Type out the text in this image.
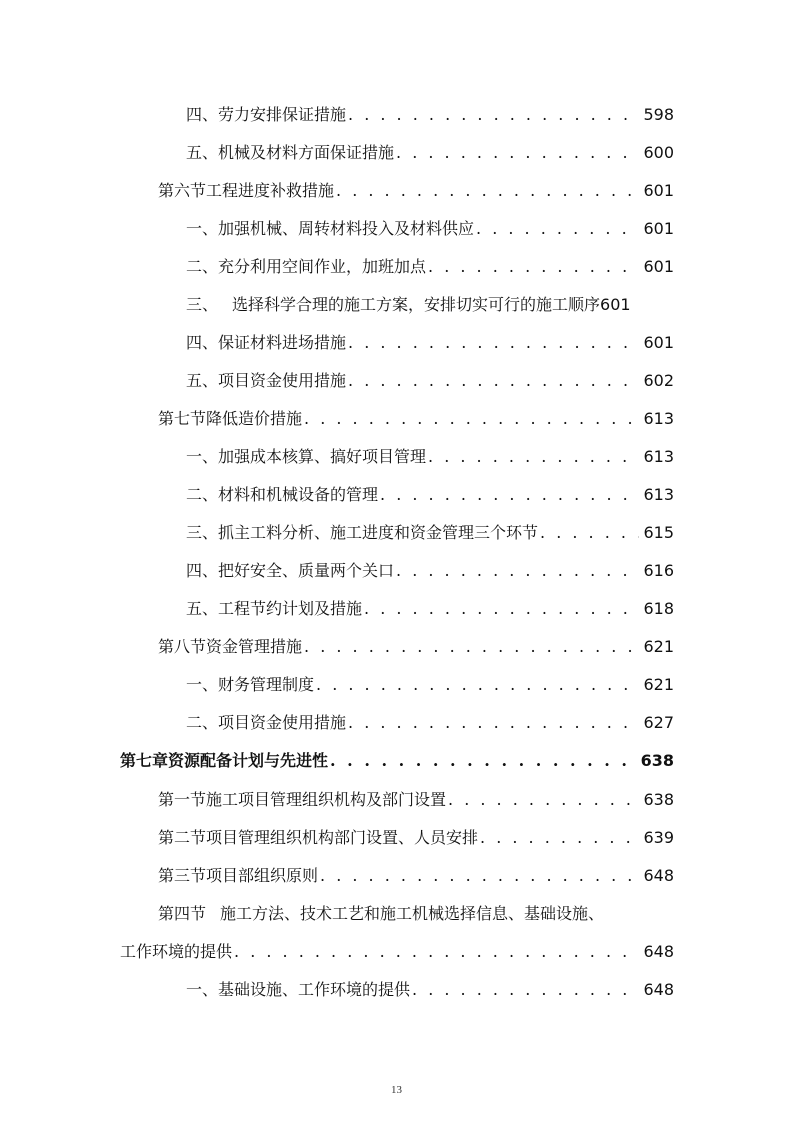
四、 劳力安排保证措施 . . .	598
五、 机械及材料方面保证措施 . . .	600
第六节 工程进度补救措施 . . .	601
一、 加强机械、周转材料投入及材料供应 . . .	601
二、 充分利用空间作业，加班加点 . . .	601
三、 选择科学合理的施工方案，安排切实可行的施工顺序 601
四、 保证材料进场措施 . . .	601
五、 项目资金使用措施 . . .	602
第七节 降低造价措施 . . .	613
一、 加强成本核算、搞好项目管理 . . .	613
二、 材料和机械设备的管理 . . .	613
三、 抓主工料分析、施工进度和资金管理三个环节 . . .	615
四、 把好安全、质量两个关口 . . .	616
五、 工程节约计划及措施 . . .	618
第八节 资金管理措施 . . .	621
一、 财务管理制度 . . .	621
二、 项目资金使用措施 . . .	627
第七章 资源配备计划与先进性 . . .	638
第一节 施工项目管理组织机构及部门设置 . . .	638
第二节 项目管理组织机构部门设置、人员安排 . . .	639
第三节 项目部组织原则 . . .	648
第四节 施工方法、技术工艺和施工机械选择信息、基础设施、
工作环境的提供 . . .	648
一、 基础设施、工作环境的提供 . . .	648
13
